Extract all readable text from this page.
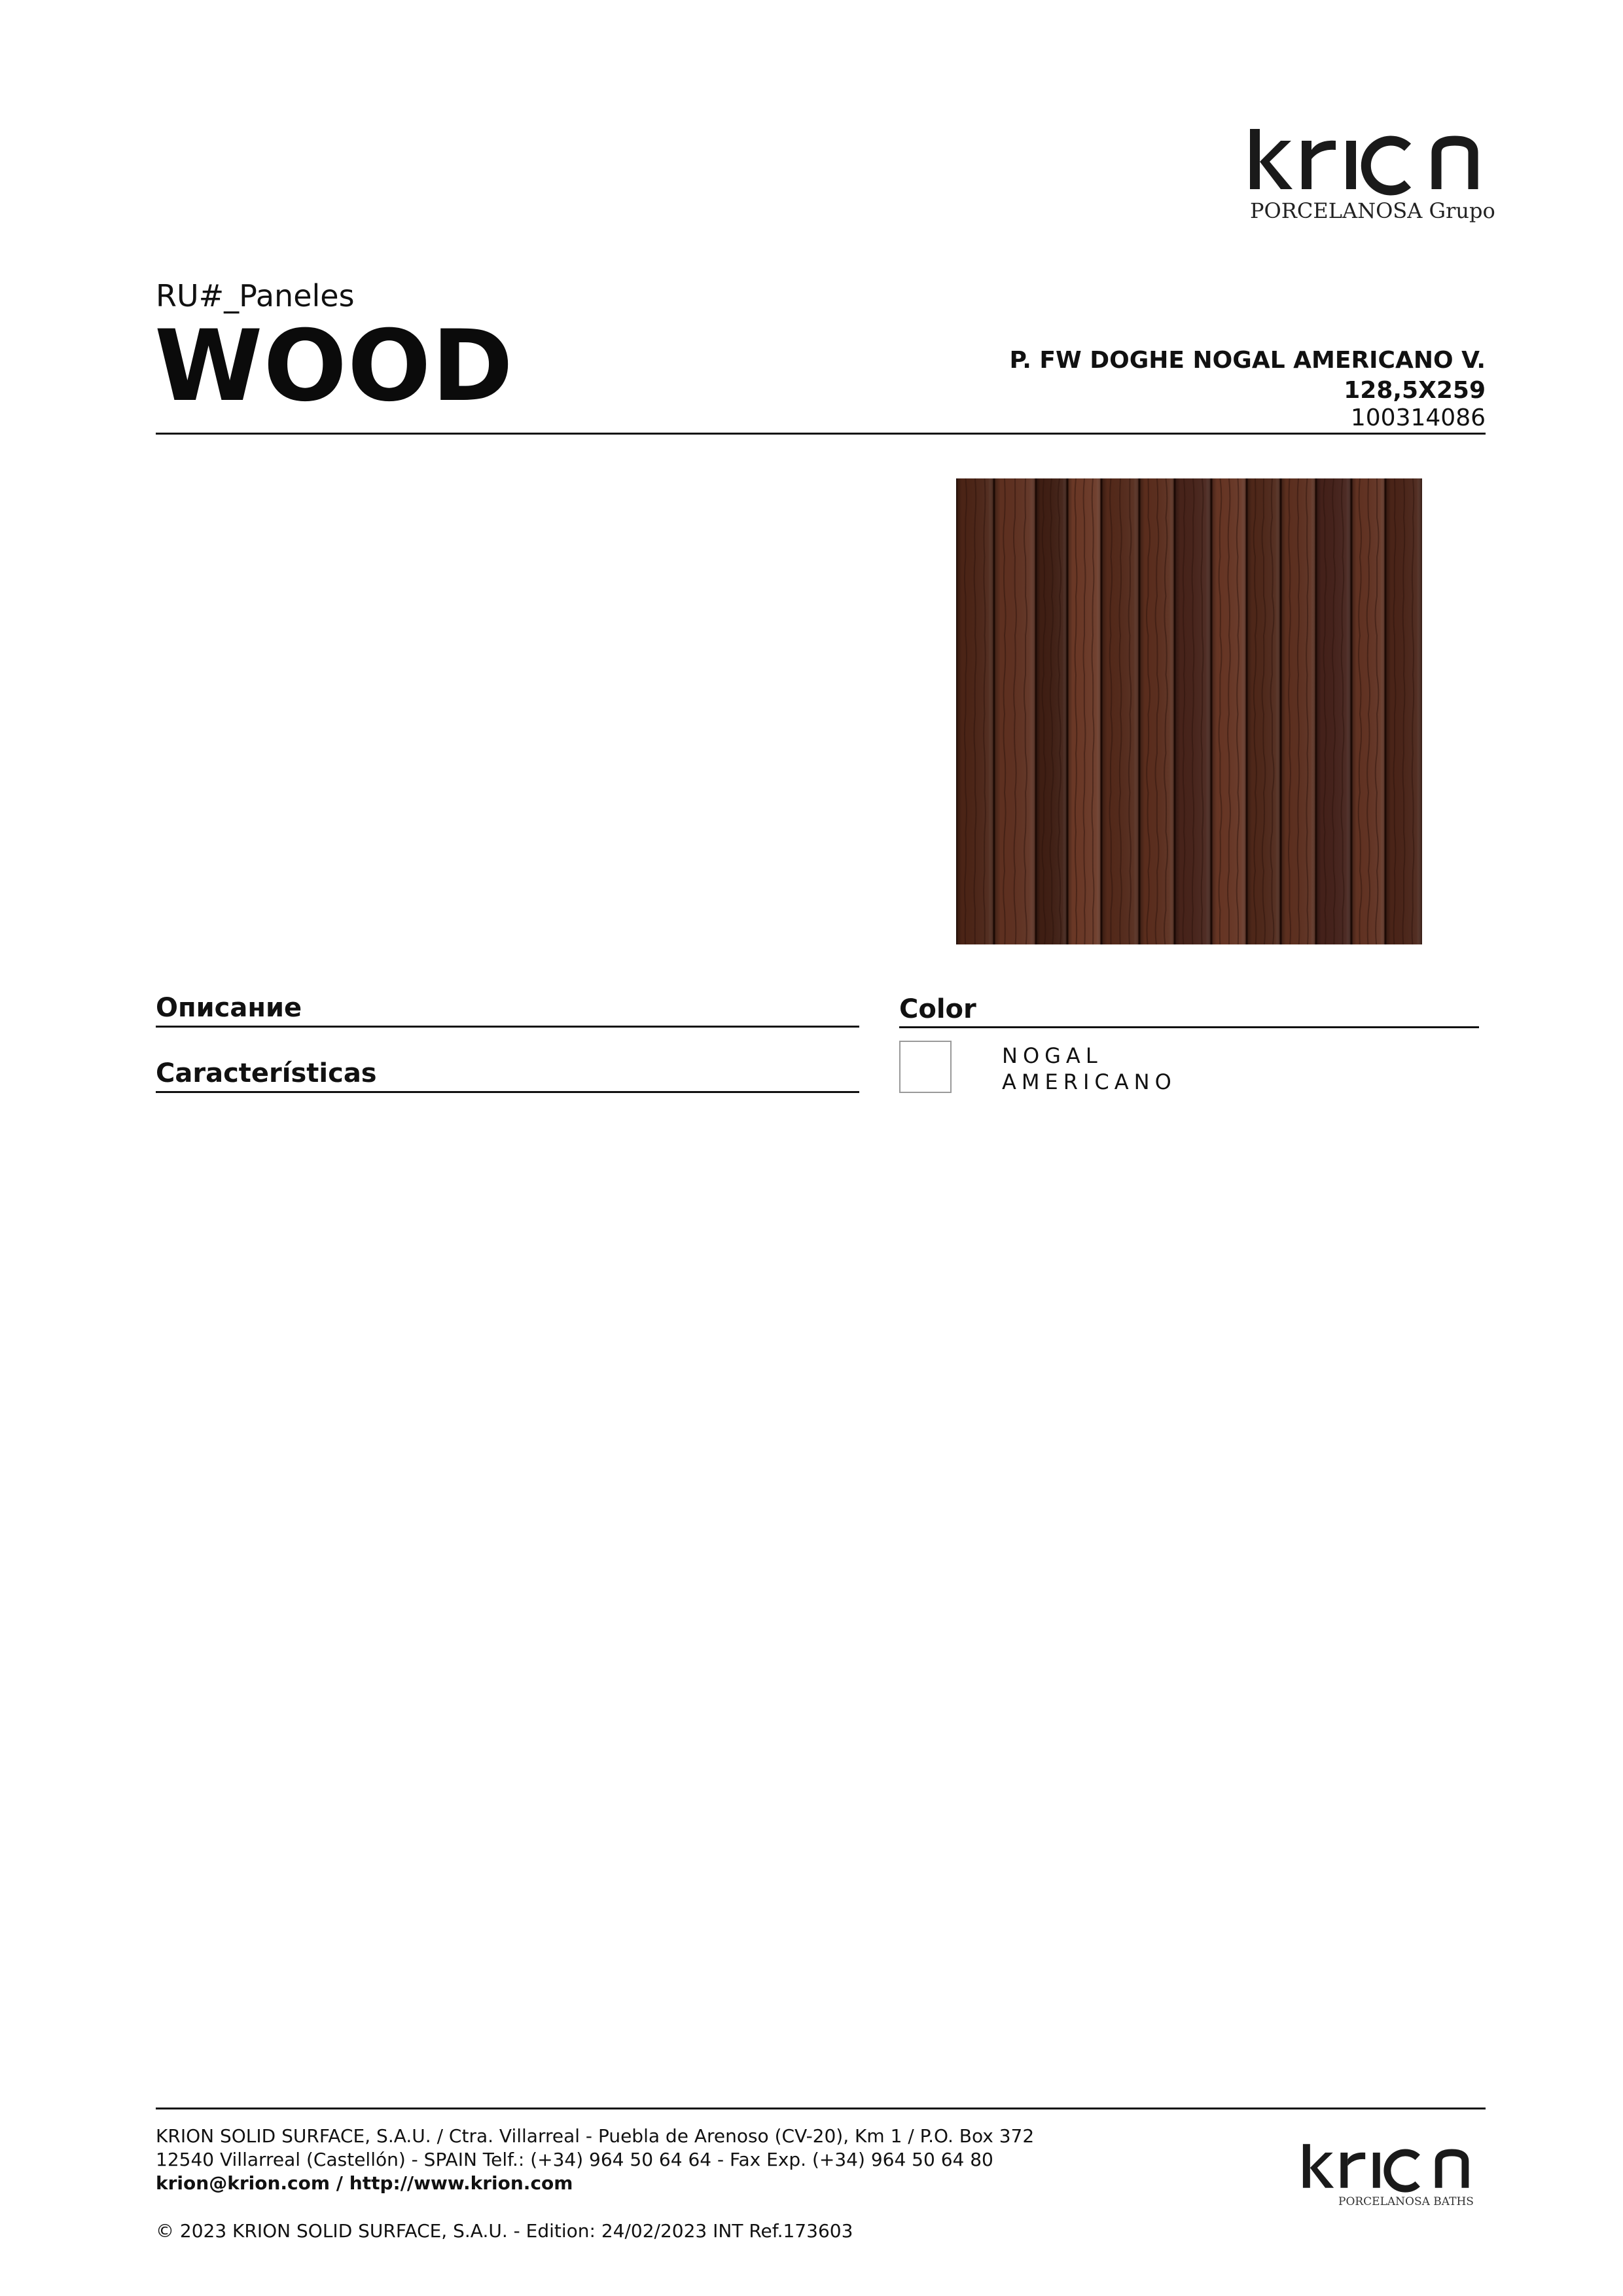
PORCELANOSA Grupo
RU#_Paneles
WOOD	P. FW DOGHE NOGAL AMERICANO V.
128,5X259
100314086
Описание
Características
Color
NOGAL
AMERICANO
KRION SOLID SURFACE, S.A.U. / Ctra. Villarreal - Puebla de Arenoso (CV-20), Km 1 / P.O. Box 372
12540 Villarreal (Castellón) - SPAIN Telf.: (+34) 964 50 64 64 - Fax Exp. (+34) 964 50 64 80
krion@krion.com / http://www.krion.com
© 2023 KRION SOLID SURFACE, S.A.U. - Edition: 24/02/2023 INT Ref.173603
PORCELANOSA BATHS
